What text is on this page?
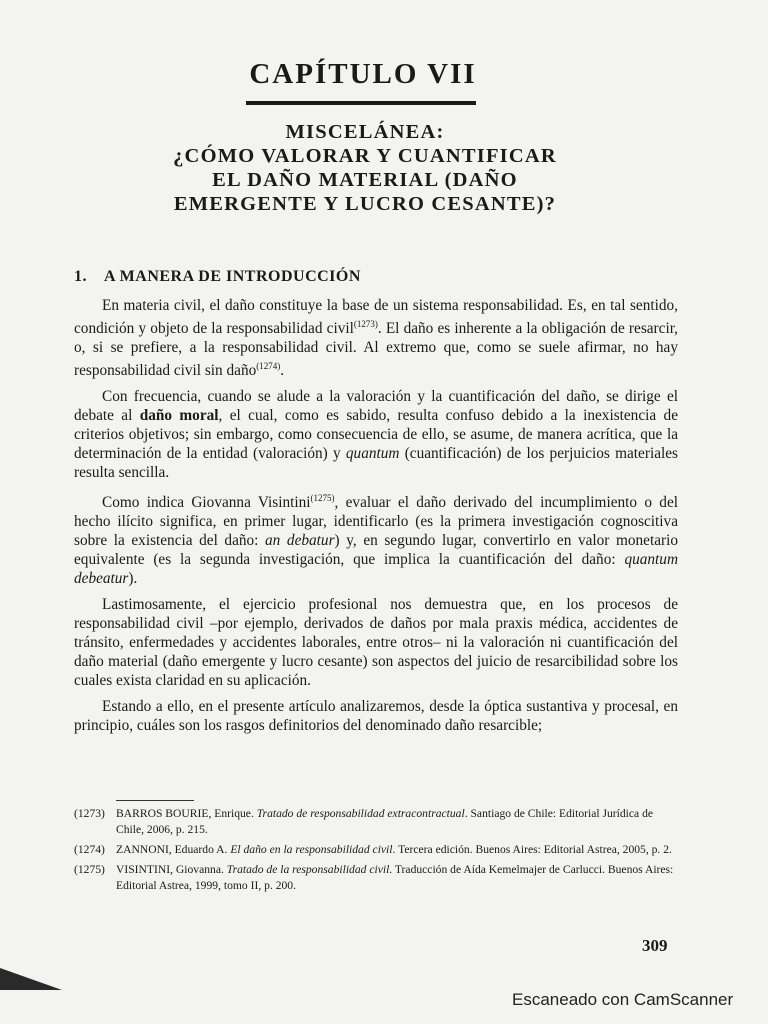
CAPÍTULO VII
MISCELÁNEA:
¿CÓMO VALORAR Y CUANTIFICAR
EL DAÑO MATERIAL (DAÑO
EMERGENTE Y LUCRO CESANTE)?
1. A MANERA DE INTRODUCCIÓN

En materia civil, el daño constituye la base de un sistema responsabilidad. Es, en tal sentido, condición y objeto de la responsabilidad civil$^{(1273)}$. El daño es inherente a la obligación de resarcir, o, si se prefiere, a la responsabilidad civil. Al extremo que, como se suele afirmar, no hay responsabilidad civil sin daño$^{(1274)}$.

Con frecuencia, cuando se alude a la valoración y la cuantificación del daño, se dirige el debate al daño moral, el cual, como es sabido, resulta confuso debido a la inexistencia de criterios objetivos; sin embargo, como consecuencia de ello, se asume, de manera acrítica, que la determinación de la entidad (valoración) y quantum (cuantificación) de los perjuicios materiales resulta sencilla.

Como indica Giovanna Visintini$^{(1275)}$, evaluar el daño derivado del incumplimiento o del hecho ilícito significa, en primer lugar, identificarlo (es la primera investigación cognoscitiva sobre la existencia del daño: an debatur) y, en segundo lugar, convertirlo en valor monetario equivalente (es la segunda investigación, que implica la cuantificación del daño: quantum debeatur).

Lastimosamente, el ejercicio profesional nos demuestra que, en los procesos de responsabilidad civil –por ejemplo, derivados de daños por mala praxis médica, accidentes de tránsito, enfermedades y accidentes laborales, entre otros– ni la valoración ni cuantificación del daño material (daño emergente y lucro cesante) son aspectos del juicio de resarcibilidad sobre los cuales exista claridad en su aplicación.

Estando a ello, en el presente artículo analizaremos, desde la óptica sustantiva y procesal, en principio, cuáles son los rasgos definitorios del denominado daño resarcible;

(1273) BARROS BOURIE, Enrique. Tratado de responsabilidad extracontractual. Santiago de Chile: Editorial Jurídica de Chile, 2006, p. 215.
(1274) ZANNONI, Eduardo A. El daño en la responsabilidad civil. Tercera edición. Buenos Aires: Editorial Astrea, 2005, p. 2.
(1275) VISINTINI, Giovanna. Tratado de la responsabilidad civil. Traducción de Aída Kemelmajer de Carlucci. Buenos Aires: Editorial Astrea, 1999, tomo II, p. 200.
309
Escaneado con CamScanner
